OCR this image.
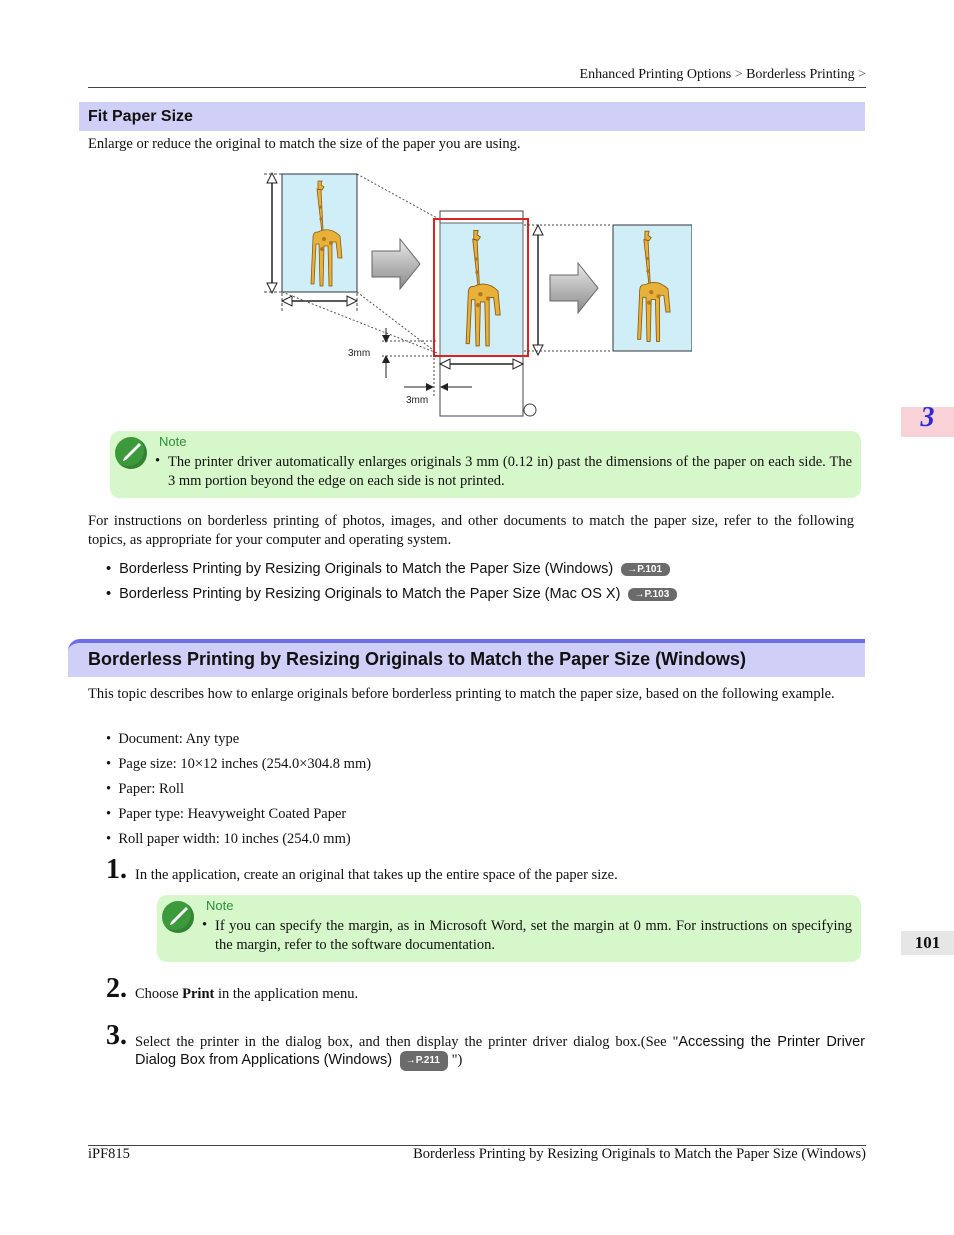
Enhanced Printing Options > Borderless Printing >
Fit Paper Size
Enlarge or reduce the original to match the size of the paper you are using.
3mm
3mm
Note
• The printer driver automatically enlarges originals 3 mm (0.12 in) past the dimensions of the paper on each side. The 3 mm portion beyond the edge on each side is not printed.
For instructions on borderless printing of photos, images, and other documents to match the paper size, refer to the following topics, as appropriate for your computer and operating system.
•  Borderless Printing by Resizing Originals to Match the Paper Size (Windows) →P.101
•  Borderless Printing by Resizing Originals to Match the Paper Size (Mac OS X) →P.103
Borderless Printing by Resizing Originals to Match the Paper Size (Windows)
This topic describes how to enlarge originals before borderless printing to match the paper size, based on the following example.
•  Document: Any type
•  Page size: 10×12 inches (254.0×304.8 mm)
•  Paper: Roll
•  Paper type: Heavyweight Coated Paper
•  Roll paper width: 10 inches (254.0 mm)
1. In the application, create an original that takes up the entire space of the paper size.
Note
• If you can specify the margin, as in Microsoft Word, set the margin at 0 mm. For instructions on specifying the margin, refer to the software documentation.
2. Choose Print in the application menu.
3. Select the printer in the dialog box, and then display the printer driver dialog box.(See "Accessing the Printer Driver Dialog Box from Applications (Windows) →P.211 ")
3
101
iPF815	Borderless Printing by Resizing Originals to Match the Paper Size (Windows)
